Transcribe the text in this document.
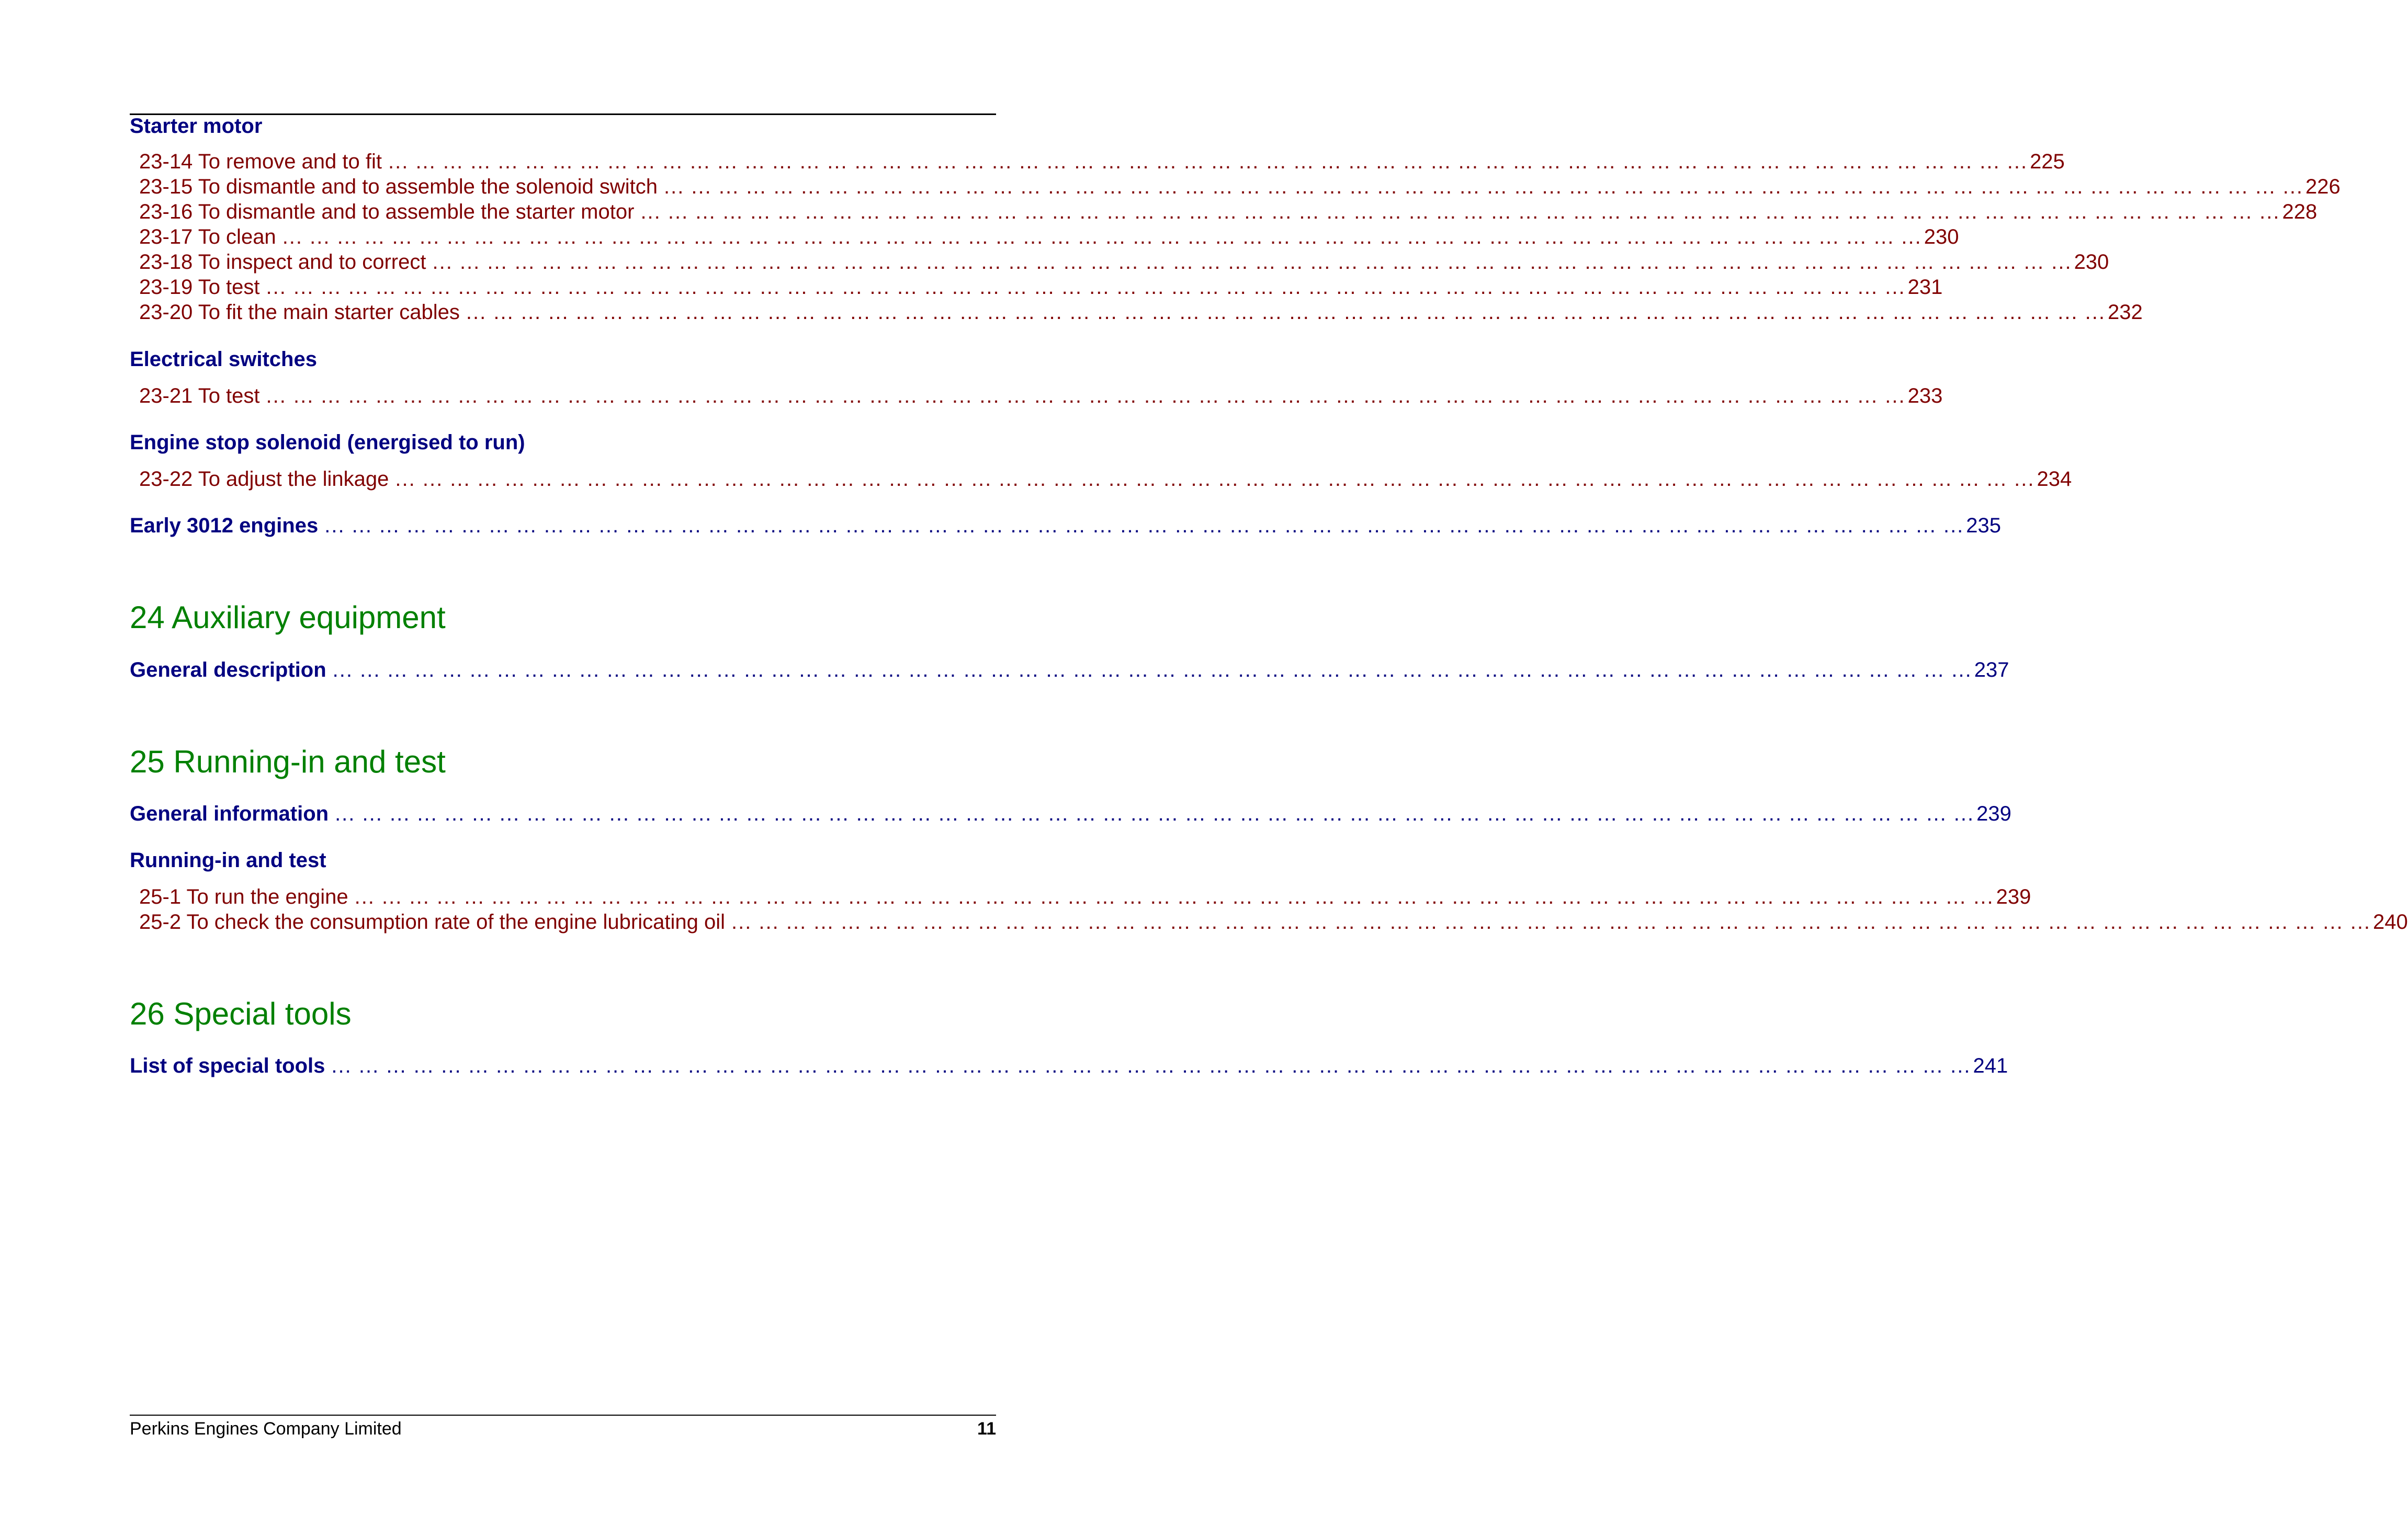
Starter motor
23-14 To remove and to fit ... ... ... ... ... ... ... ... ... ... ... ... ... ... ... ... ... ... ... ... ... ... ... ... ... ... ... ... ... ... ... ... ... ... ... ... ... ... ... ... ... ... ... ... ... ... ... ... ... ... ... ... ... ... ... ... ... ... ... ... 225
23-15 To dismantle and to assemble the solenoid switch ... ... ... ... ... ... ... ... ... ... ... ... ... ... ... ... ... ... ... ... ... ... ... ... ... ... ... ... ... ... ... ... ... ... ... ... ... ... ... ... ... ... ... ... ... ... ... ... ... ... ... ... ... ... ... ... ... ... ... ... 226
23-16 To dismantle and to assemble the starter motor ... ... ... ... ... ... ... ... ... ... ... ... ... ... ... ... ... ... ... ... ... ... ... ... ... ... ... ... ... ... ... ... ... ... ... ... ... ... ... ... ... ... ... ... ... ... ... ... ... ... ... ... ... ... ... ... ... ... ... ... 228
23-17 To clean ... ... ... ... ... ... ... ... ... ... ... ... ... ... ... ... ... ... ... ... ... ... ... ... ... ... ... ... ... ... ... ... ... ... ... ... ... ... ... ... ... ... ... ... ... ... ... ... ... ... ... ... ... ... ... ... ... ... ... ... 230
23-18 To inspect and to correct ... ... ... ... ... ... ... ... ... ... ... ... ... ... ... ... ... ... ... ... ... ... ... ... ... ... ... ... ... ... ... ... ... ... ... ... ... ... ... ... ... ... ... ... ... ... ... ... ... ... ... ... ... ... ... ... ... ... ... ... 230
23-19 To test ... ... ... ... ... ... ... ... ... ... ... ... ... ... ... ... ... ... ... ... ... ... ... ... ... ... ... ... ... ... ... ... ... ... ... ... ... ... ... ... ... ... ... ... ... ... ... ... ... ... ... ... ... ... ... ... ... ... ... ... 231
23-20 To fit the main starter cables ... ... ... ... ... ... ... ... ... ... ... ... ... ... ... ... ... ... ... ... ... ... ... ... ... ... ... ... ... ... ... ... ... ... ... ... ... ... ... ... ... ... ... ... ... ... ... ... ... ... ... ... ... ... ... ... ... ... ... ... 232
Electrical switches
23-21 To test ... ... ... ... ... ... ... ... ... ... ... ... ... ... ... ... ... ... ... ... ... ... ... ... ... ... ... ... ... ... ... ... ... ... ... ... ... ... ... ... ... ... ... ... ... ... ... ... ... ... ... ... ... ... ... ... ... ... ... ... 233
Engine stop solenoid (energised to run)
23-22 To adjust the linkage ... ... ... ... ... ... ... ... ... ... ... ... ... ... ... ... ... ... ... ... ... ... ... ... ... ... ... ... ... ... ... ... ... ... ... ... ... ... ... ... ... ... ... ... ... ... ... ... ... ... ... ... ... ... ... ... ... ... ... ... 234
Early 3012 engines ... ... ... ... ... ... ... ... ... ... ... ... ... ... ... ... ... ... ... ... ... ... ... ... ... ... ... ... ... ... ... ... ... ... ... ... ... ... ... ... ... ... ... ... ... ... ... ... ... ... ... ... ... ... ... ... ... ... ... ... 235
24 Auxiliary equipment
General description ... ... ... ... ... ... ... ... ... ... ... ... ... ... ... ... ... ... ... ... ... ... ... ... ... ... ... ... ... ... ... ... ... ... ... ... ... ... ... ... ... ... ... ... ... ... ... ... ... ... ... ... ... ... ... ... ... ... ... ... 237
25 Running-in and test
General information ... ... ... ... ... ... ... ... ... ... ... ... ... ... ... ... ... ... ... ... ... ... ... ... ... ... ... ... ... ... ... ... ... ... ... ... ... ... ... ... ... ... ... ... ... ... ... ... ... ... ... ... ... ... ... ... ... ... ... ... 239
Running-in and test
25-1 To run the engine ... ... ... ... ... ... ... ... ... ... ... ... ... ... ... ... ... ... ... ... ... ... ... ... ... ... ... ... ... ... ... ... ... ... ... ... ... ... ... ... ... ... ... ... ... ... ... ... ... ... ... ... ... ... ... ... ... ... ... ... 239
25-2 To check the consumption rate of the engine lubricating oil ... ... ... ... ... ... ... ... ... ... ... ... ... ... ... ... ... ... ... ... ... ... ... ... ... ... ... ... ... ... ... ... ... ... ... ... ... ... ... ... ... ... ... ... ... ... ... ... ... ... ... ... ... ... ... ... ... ... ... ... 240
26 Special tools
List of special tools ... ... ... ... ... ... ... ... ... ... ... ... ... ... ... ... ... ... ... ... ... ... ... ... ... ... ... ... ... ... ... ... ... ... ... ... ... ... ... ... ... ... ... ... ... ... ... ... ... ... ... ... ... ... ... ... ... ... ... ... 241
Perkins Engines Company Limited	11
